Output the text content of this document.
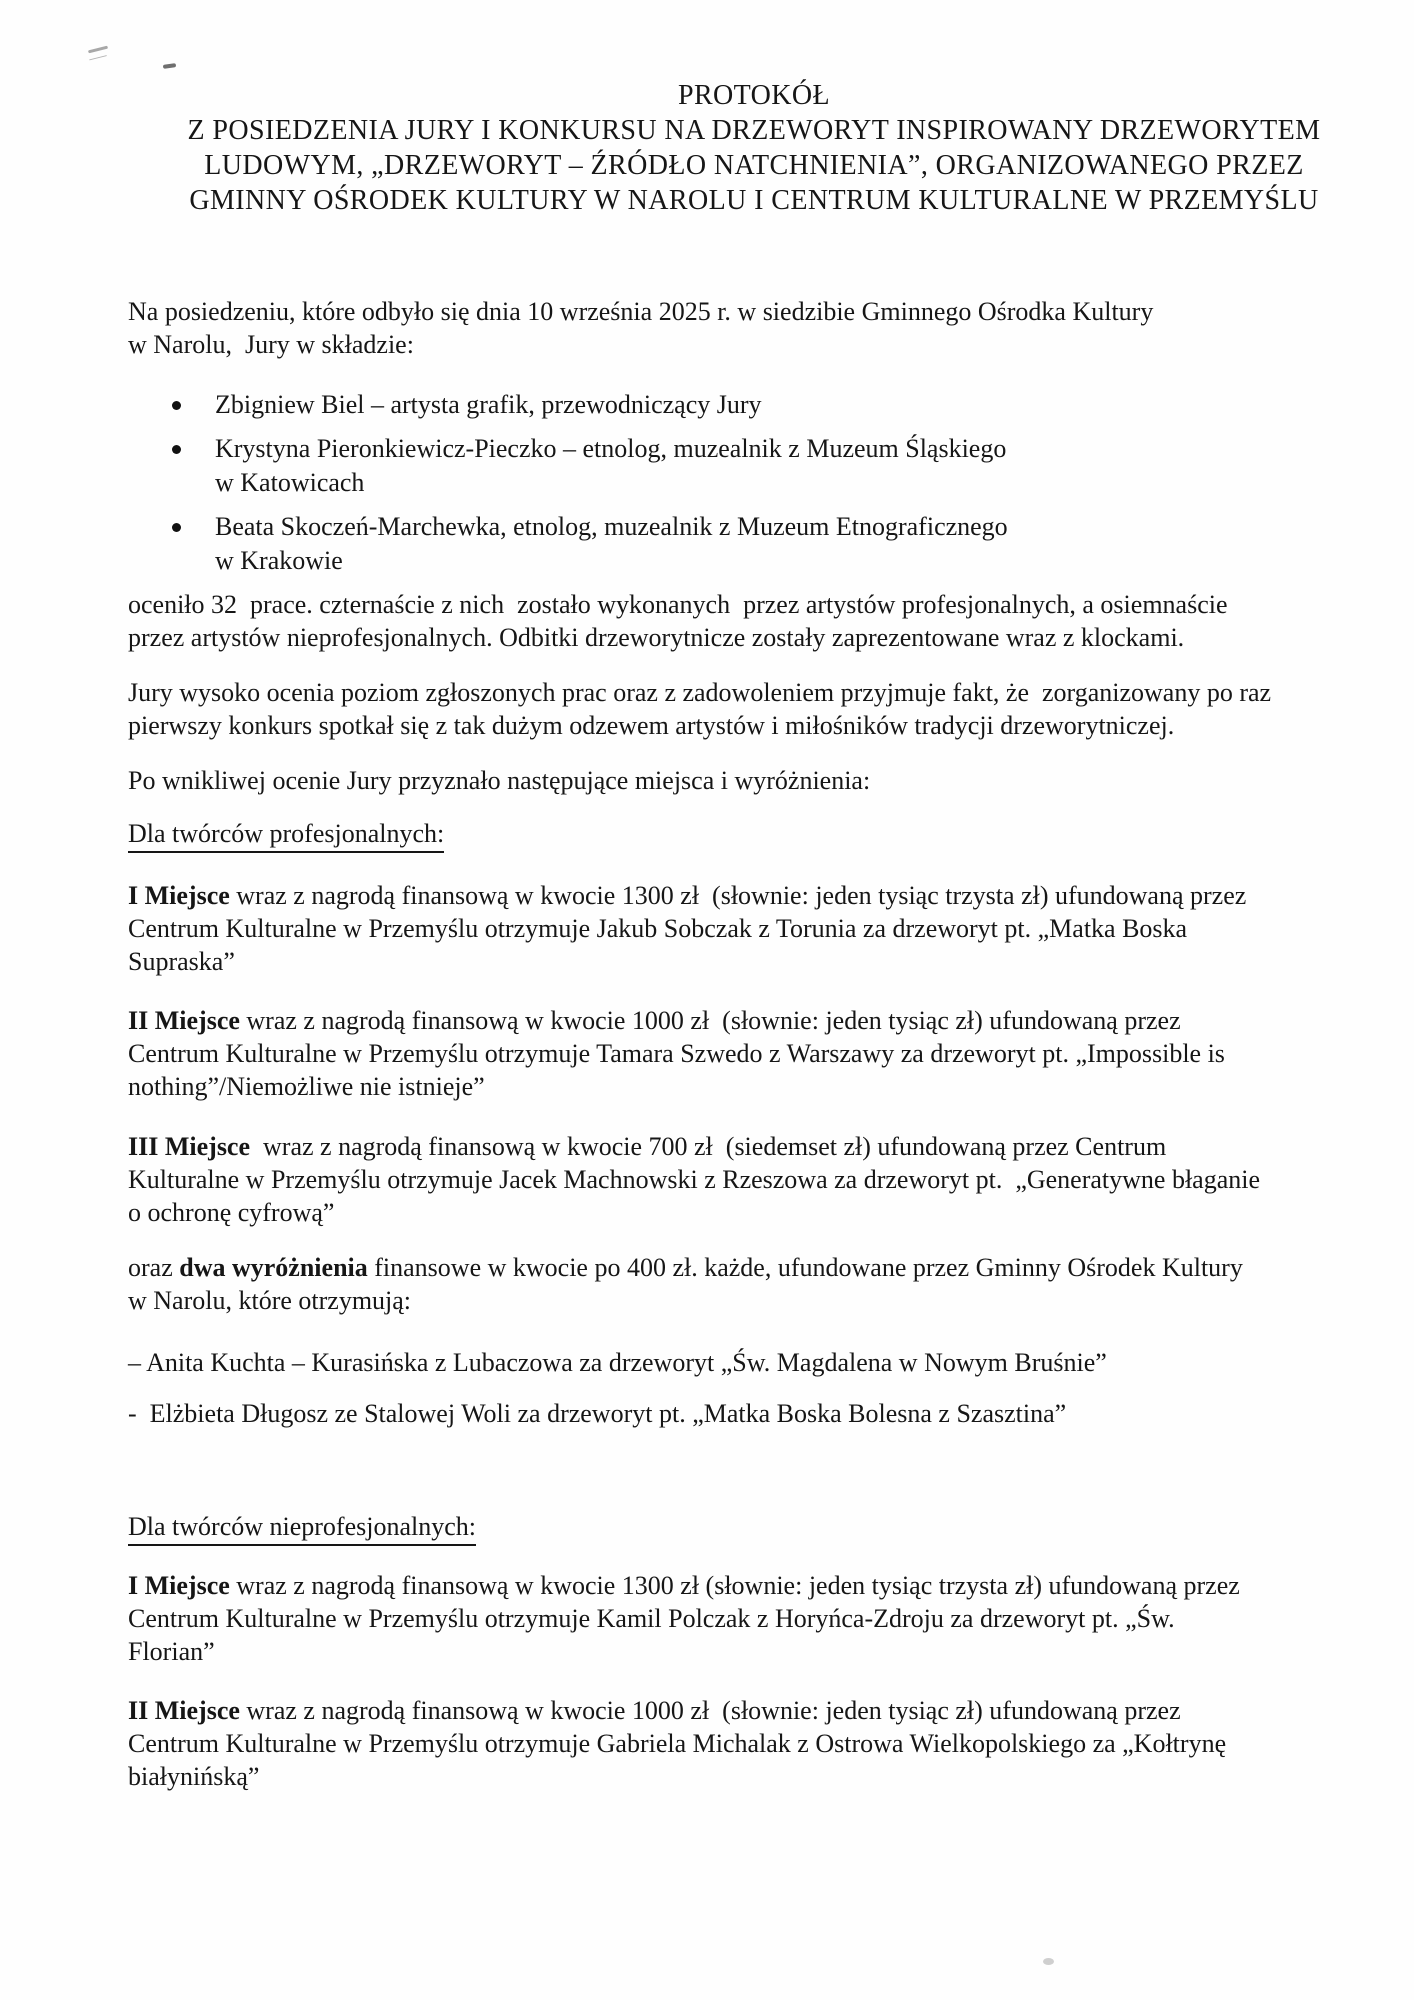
PROTOKÓŁ
Z POSIEDZENIA JURY I KONKURSU NA DRZEWORYT INSPIROWANY DRZEWORYTEM
LUDOWYM, „DRZEWORYT – ŹRÓDŁO NATCHNIENIA”, ORGANIZOWANEGO PRZEZ
GMINNY OŚRODEK KULTURY W NAROLU I CENTRUM KULTURALNE W PRZEMYŚLU
Na posiedzeniu, które odbyło się dnia 10 września 2025 r. w siedzibie Gminnego Ośrodka Kultury
w Narolu,  Jury w składzie:
Zbigniew Biel – artysta grafik, przewodniczący Jury
Krystyna Pieronkiewicz-Pieczko – etnolog, muzealnik z Muzeum Śląskiego
w Katowicach
Beata Skoczeń-Marchewka, etnolog, muzealnik z Muzeum Etnograficznego
w Krakowie
oceniło 32  prace. czternaście z nich  zostało wykonanych  przez artystów profesjonalnych, a osiemnaście
przez artystów nieprofesjonalnych. Odbitki drzeworytnicze zostały zaprezentowane wraz z klockami.
Jury wysoko ocenia poziom zgłoszonych prac oraz z zadowoleniem przyjmuje fakt, że  zorganizowany po raz
pierwszy konkurs spotkał się z tak dużym odzewem artystów i miłośników tradycji drzeworytniczej.
Po wnikliwej ocenie Jury przyznało następujące miejsca i wyróżnienia:
Dla twórców profesjonalnych:
I Miejsce wraz z nagrodą finansową w kwocie 1300 zł  (słownie: jeden tysiąc trzysta zł) ufundowaną przez
Centrum Kulturalne w Przemyślu otrzymuje Jakub Sobczak z Torunia za drzeworyt pt. „Matka Boska
Supraska”
II Miejsce wraz z nagrodą finansową w kwocie 1000 zł  (słownie: jeden tysiąc zł) ufundowaną przez
Centrum Kulturalne w Przemyślu otrzymuje Tamara Szwedo z Warszawy za drzeworyt pt. „Impossible is
nothing”/Niemożliwe nie istnieje”
III Miejsce  wraz z nagrodą finansową w kwocie 700 zł  (siedemset zł) ufundowaną przez Centrum
Kulturalne w Przemyślu otrzymuje Jacek Machnowski z Rzeszowa za drzeworyt pt.  „Generatywne błaganie
o ochronę cyfrową”
oraz dwa wyróżnienia finansowe w kwocie po 400 zł. każde, ufundowane przez Gminny Ośrodek Kultury
w Narolu, które otrzymują:
– Anita Kuchta – Kurasińska z Lubaczowa za drzeworyt „Św. Magdalena w Nowym Bruśnie”
-  Elżbieta Długosz ze Stalowej Woli za drzeworyt pt. „Matka Boska Bolesna z Szasztina”
Dla twórców nieprofesjonalnych:
I Miejsce wraz z nagrodą finansową w kwocie 1300 zł (słownie: jeden tysiąc trzysta zł) ufundowaną przez
Centrum Kulturalne w Przemyślu otrzymuje Kamil Polczak z Horyńca-Zdroju za drzeworyt pt. „Św.
Florian”
II Miejsce wraz z nagrodą finansową w kwocie 1000 zł  (słownie: jeden tysiąc zł) ufundowaną przez
Centrum Kulturalne w Przemyślu otrzymuje Gabriela Michalak z Ostrowa Wielkopolskiego za „Kołtrynę
białynińską”
